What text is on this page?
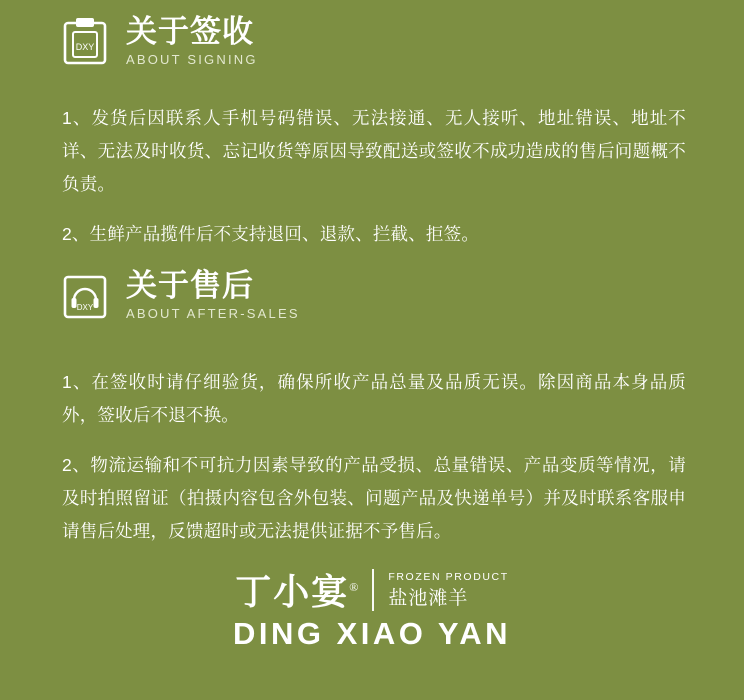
DXY 关于签收
ABOUT SIGNING

1、发货后因联系人手机号码错误、无法接通、无人接听、地址错误、地址不详、无法及时收货、忘记收货等原因导致配送或签收不成功造成的售后问题概不负责。

2、生鲜产品揽件后不支持退回、退款、拦截、拒签。

DXY
关于售后
ABOUT AFTER-SALES

1、在签收时请仔细验货，确保所收产品总量及品质无误。除因商品本身品质外，签收后不退不换。

2、物流运输和不可抗力因素导致的产品受损、总量错误、产品变质等情况，请及时拍照留证（拍摄内容包含外包装、问题产品及快递单号）并及时联系客服申请售后处理，反馈超时或无法提供证据不予售后。

丁小宴®
FROZEN PRODUCT
盐池滩羊
DING XIAO YAN
